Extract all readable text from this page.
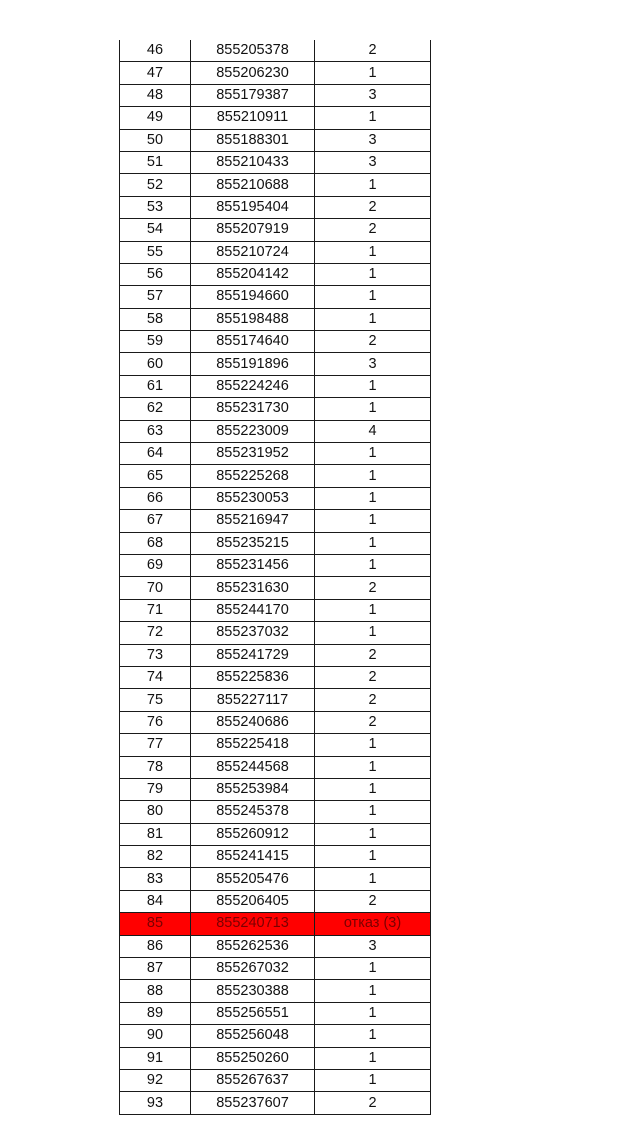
46	855205378	2
47	855206230	1
48	855179387	3
49	855210911	1
50	855188301	3
51	855210433	3
52	855210688	1
53	855195404	2
54	855207919	2
55	855210724	1
56	855204142	1
57	855194660	1
58	855198488	1
59	855174640	2
60	855191896	3
61	855224246	1
62	855231730	1
63	855223009	4
64	855231952	1
65	855225268	1
66	855230053	1
67	855216947	1
68	855235215	1
69	855231456	1
70	855231630	2
71	855244170	1
72	855237032	1
73	855241729	2
74	855225836	2
75	855227117	2
76	855240686	2
77	855225418	1
78	855244568	1
79	855253984	1
80	855245378	1
81	855260912	1
82	855241415	1
83	855205476	1
84	855206405	2
85	855240713	отказ (3)
86	855262536	3
87	855267032	1
88	855230388	1
89	855256551	1
90	855256048	1
91	855250260	1
92	855267637	1
93	855237607	2
